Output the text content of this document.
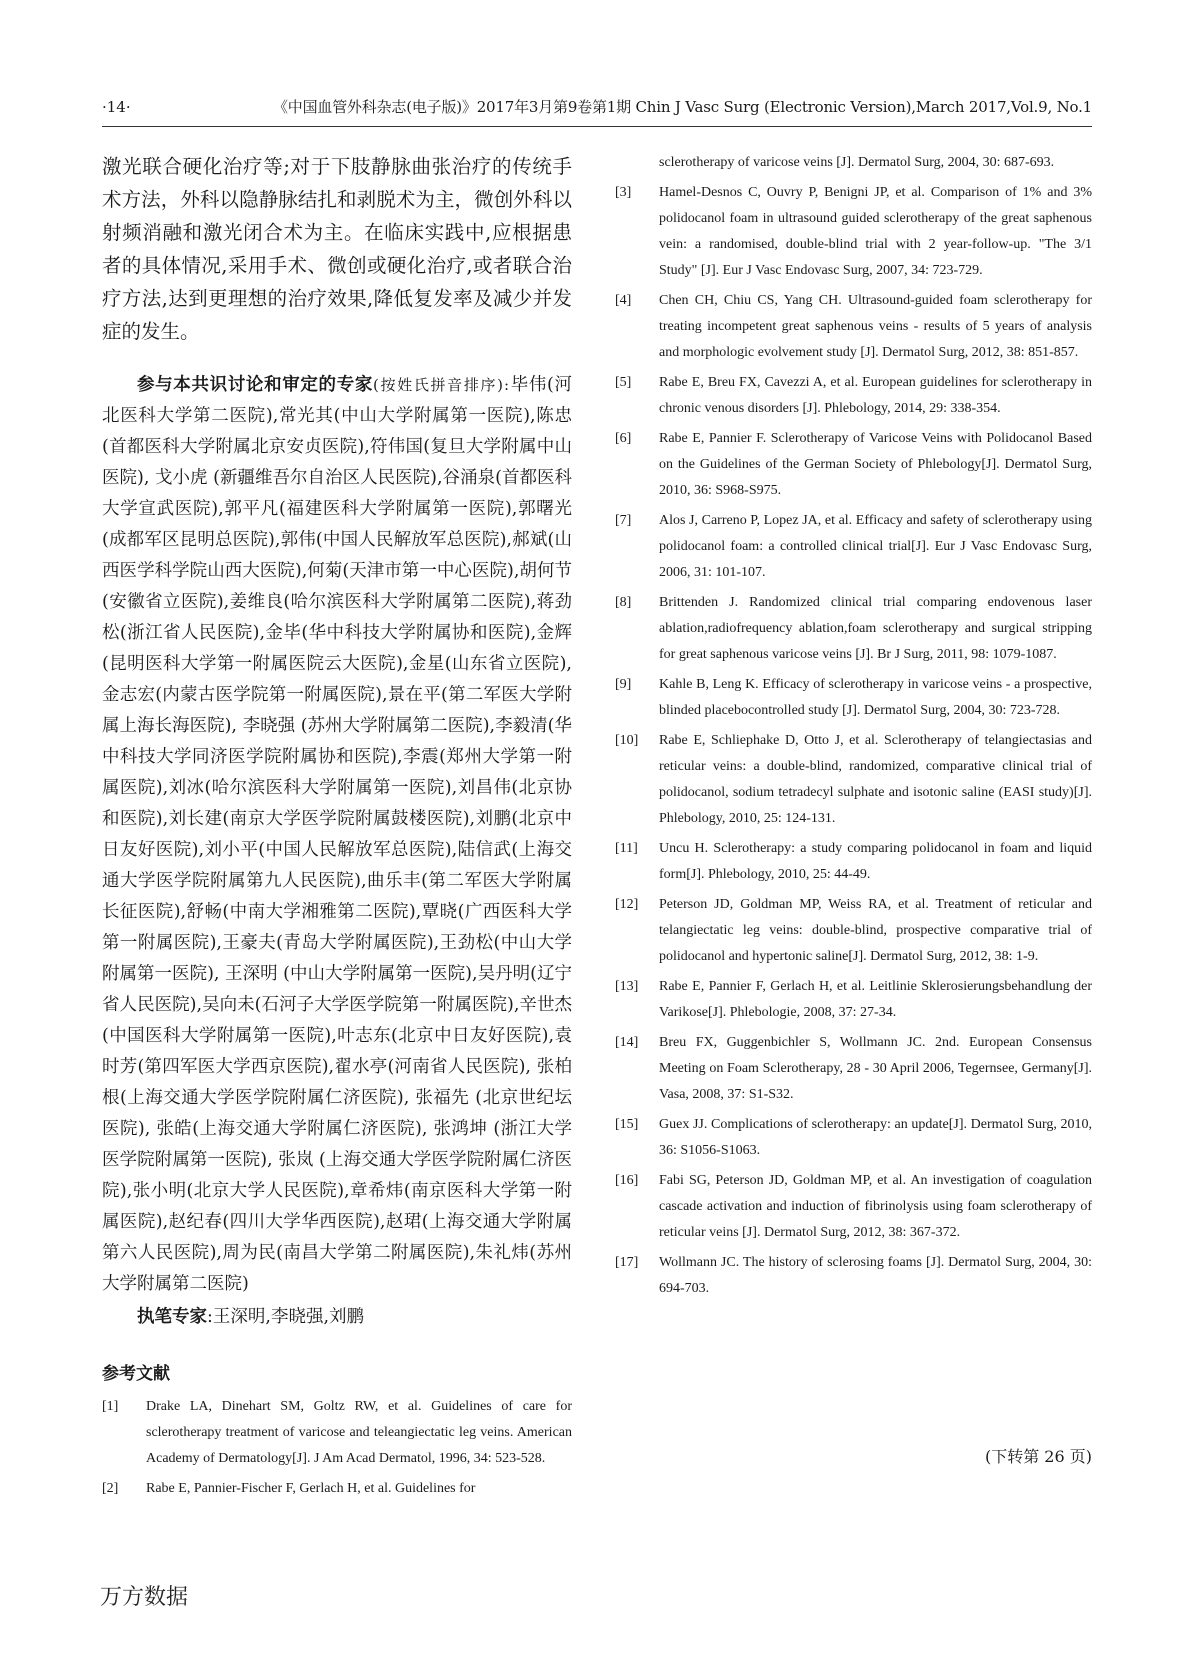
·14·	《中国血管外科杂志(电子版)》2017年3月第9卷第1期 Chin J Vasc Surg (Electronic Version),March 2017,Vol.9, No.1

激光联合硬化治疗等;对于下肢静脉曲张治疗的传统手术方法，外科以隐静脉结扎和剥脱术为主，微创外科以射频消融和激光闭合术为主。在临床实践中,应根据患者的具体情况,采用手术、微创或硬化治疗,或者联合治疗方法,达到更理想的治疗效果,降低复发率及减少并发症的发生。

参与本共识讨论和审定的专家(按姓氏拼音排序):毕伟(河北医科大学第二医院),常光其(中山大学附属第一医院),陈忠(首都医科大学附属北京安贞医院),符伟国(复旦大学附属中山医院), 戈小虎 (新疆维吾尔自治区人民医院),谷涌泉(首都医科大学宣武医院),郭平凡(福建医科大学附属第一医院),郭曙光(成都军区昆明总医院),郭伟(中国人民解放军总医院),郝斌(山西医学科学院山西大医院),何菊(天津市第一中心医院),胡何节(安徽省立医院),姜维良(哈尔滨医科大学附属第二医院),蒋劲松(浙江省人民医院),金毕(华中科技大学附属协和医院),金辉(昆明医科大学第一附属医院云大医院),金星(山东省立医院),金志宏(内蒙古医学院第一附属医院),景在平(第二军医大学附属上海长海医院), 李晓强 (苏州大学附属第二医院),李毅清(华中科技大学同济医学院附属协和医院),李震(郑州大学第一附属医院),刘冰(哈尔滨医科大学附属第一医院),刘昌伟(北京协和医院),刘长建(南京大学医学院附属鼓楼医院),刘鹏(北京中日友好医院),刘小平(中国人民解放军总医院),陆信武(上海交通大学医学院附属第九人民医院),曲乐丰(第二军医大学附属长征医院),舒畅(中南大学湘雅第二医院),覃晓(广西医科大学第一附属医院),王豪夫(青岛大学附属医院),王劲松(中山大学附属第一医院), 王深明 (中山大学附属第一医院),吴丹明(辽宁省人民医院),吴向未(石河子大学医学院第一附属医院),辛世杰(中国医科大学附属第一医院),叶志东(北京中日友好医院),袁时芳(第四军医大学西京医院),翟水亭(河南省人民医院), 张柏根(上海交通大学医学院附属仁济医院), 张福先 (北京世纪坛医院), 张皓(上海交通大学附属仁济医院), 张鸿坤 (浙江大学医学院附属第一医院), 张岚 (上海交通大学医学院附属仁济医院),张小明(北京大学人民医院),章希炜(南京医科大学第一附属医院),赵纪春(四川大学华西医院),赵珺(上海交通大学附属第六人民医院),周为民(南昌大学第二附属医院),朱礼炜(苏州大学附属第二医院)

执笔专家:王深明,李晓强,刘鹏

参考文献
[1]	Drake LA, Dinehart SM, Goltz RW, et al. Guidelines of care for sclerotherapy treatment of varicose and teleangiectatic leg veins. American Academy of Dermatology[J]. J Am Acad Dermatol, 1996, 34: 523-528.
[2]	Rabe E, Pannier-Fischer F, Gerlach H, et al. Guidelines for
sclerotherapy of varicose veins [J]. Dermatol Surg, 2004, 30: 687-693.
[3]	Hamel-Desnos C, Ouvry P, Benigni JP, et al. Comparison of 1% and 3% polidocanol foam in ultrasound guided sclerotherapy of the great saphenous vein: a randomised, double-blind trial with 2 year-follow-up. "The 3/1 Study" [J]. Eur J Vasc Endovasc Surg, 2007, 34: 723-729.
[4]	Chen CH, Chiu CS, Yang CH. Ultrasound-guided foam sclerotherapy for treating incompetent great saphenous veins - results of 5 years of analysis and morphologic evolvement study [J]. Dermatol Surg, 2012, 38: 851-857.
[5]	Rabe E, Breu FX, Cavezzi A, et al. European guidelines for sclerotherapy in chronic venous disorders [J]. Phlebology, 2014, 29: 338-354.
[6]	Rabe E, Pannier F. Sclerotherapy of Varicose Veins with Polidocanol Based on the Guidelines of the German Society of Phlebology[J]. Dermatol Surg, 2010, 36: S968-S975.
[7]	Alos J, Carreno P, Lopez JA, et al. Efficacy and safety of sclerotherapy using polidocanol foam: a controlled clinical trial[J]. Eur J Vasc Endovasc Surg, 2006, 31: 101-107.
[8]	Brittenden J. Randomized clinical trial comparing endovenous laser ablation,radiofrequency ablation,foam sclerotherapy and surgical stripping for great saphenous varicose veins [J]. Br J Surg, 2011, 98: 1079-1087.
[9]	Kahle B, Leng K. Efficacy of sclerotherapy in varicose veins - a prospective, blinded placebocontrolled study [J]. Dermatol Surg, 2004, 30: 723-728.
[10]	Rabe E, Schliephake D, Otto J, et al. Sclerotherapy of telangiectasias and reticular veins: a double-blind, randomized, comparative clinical trial of polidocanol, sodium tetradecyl sulphate and isotonic saline (EASI study)[J]. Phlebology, 2010, 25: 124-131.
[11]	Uncu H. Sclerotherapy: a study comparing polidocanol in foam and liquid form[J]. Phlebology, 2010, 25: 44-49.
[12]	Peterson JD, Goldman MP, Weiss RA, et al. Treatment of reticular and telangiectatic leg veins: double-blind, prospective comparative trial of polidocanol and hypertonic saline[J]. Dermatol Surg, 2012, 38: 1-9.
[13]	Rabe E, Pannier F, Gerlach H, et al. Leitlinie Sklerosierungsbehandlung der Varikose[J]. Phlebologie, 2008, 37: 27-34.
[14]	Breu FX, Guggenbichler S, Wollmann JC. 2nd. European Consensus Meeting on Foam Sclerotherapy, 28 - 30 April 2006, Tegernsee, Germany[J]. Vasa, 2008, 37: S1-S32.
[15]	Guex JJ. Complications of sclerotherapy: an update[J]. Dermatol Surg, 2010, 36: S1056-S1063.
[16]	Fabi SG, Peterson JD, Goldman MP, et al. An investigation of coagulation cascade activation and induction of fibrinolysis using foam sclerotherapy of reticular veins [J]. Dermatol Surg, 2012, 38: 367-372.
[17]	Wollmann JC. The history of sclerosing foams [J]. Dermatol Surg, 2004, 30: 694-703.
(下转第 26 页)
万方数据
